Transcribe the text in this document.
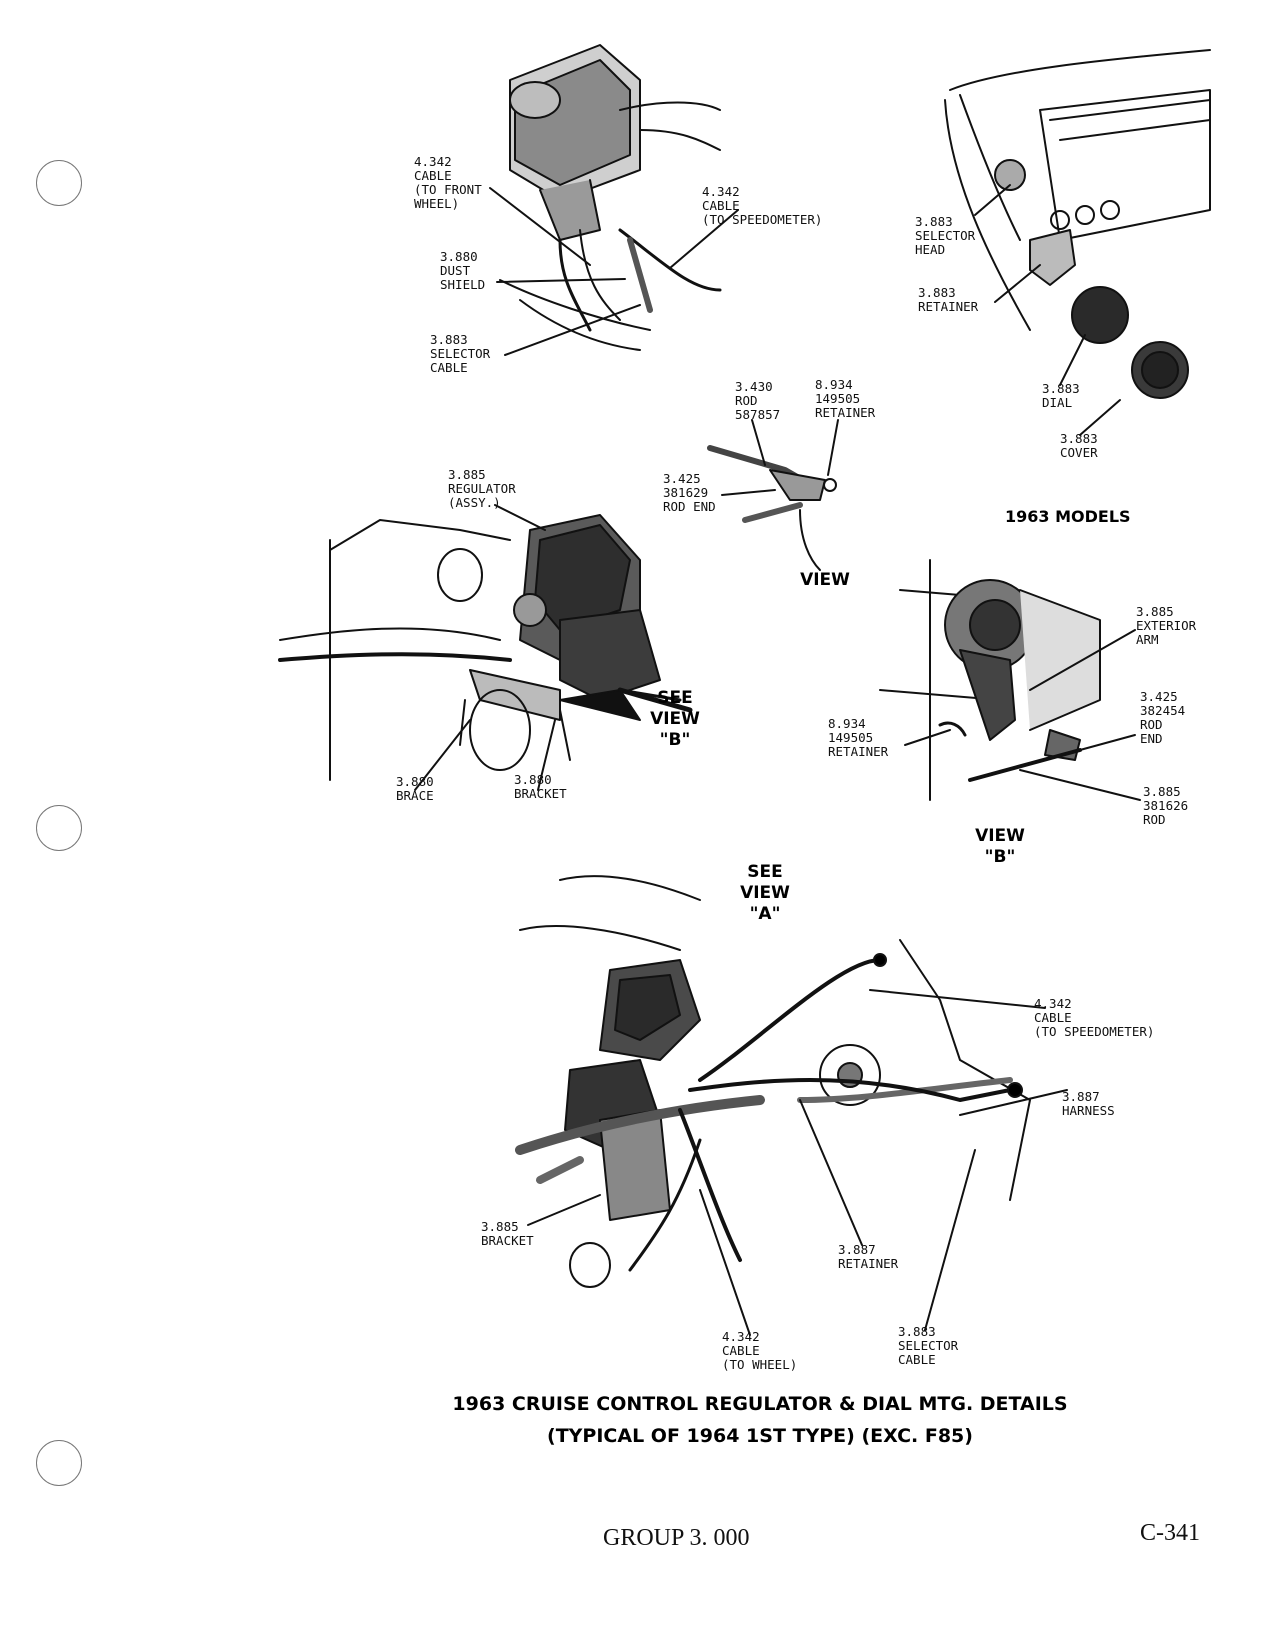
4.342
CABLE
(TO FRONT
WHEEL)
4.342
CABLE
(TO SPEEDOMETER)
3.880
DUST
SHIELD
3.883
SELECTOR
CABLE
3.883
SELECTOR
HEAD
3.883
RETAINER
3.883
DIAL
3.883
COVER
3.430
ROD
587857
8.934
149505
RETAINER
3.425
381629
ROD END
1963 MODELS
3.885
REGULATOR
(ASSY.)
VIEW
SEE
VIEW
"B"
3.885
EXTERIOR
ARM
3.425
382454
ROD
END
8.934
149505
RETAINER
3.885
381626
ROD
3.880
BRACE
3.880
BRACKET
VIEW
"B"
SEE
VIEW
"A"
4.342
CABLE
(TO SPEEDOMETER)
3.887
HARNESS
3.885
BRACKET
3.887
RETAINER
4.342
CABLE
(TO WHEEL)
3.883
SELECTOR
CABLE
1963 CRUISE CONTROL REGULATOR & DIAL MTG. DETAILS
(TYPICAL OF 1964 1ST TYPE) (EXC. F85)
GROUP 3. 000	C-341
